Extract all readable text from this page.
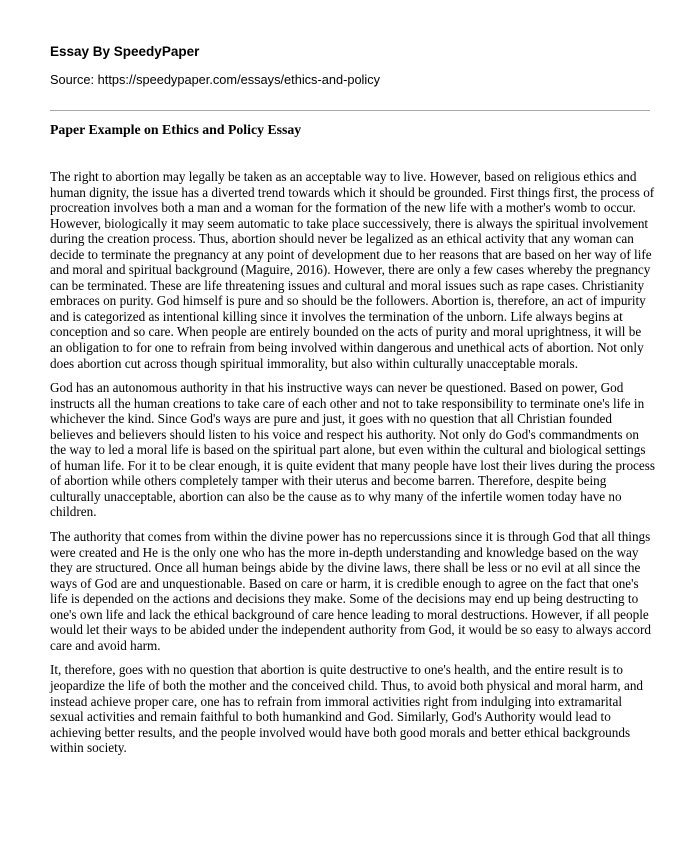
Essay By SpeedyPaper
Source: https://speedypaper.com/essays/ethics-and-policy
Paper Example on Ethics and Policy Essay

The right to abortion may legally be taken as an acceptable way to live. However, based on religious ethics and human dignity, the issue has a diverted trend towards which it should be grounded. First things first, the process of procreation involves both a man and a woman for the formation of the new life with a mother's womb to occur. However, biologically it may seem automatic to take place successively, there is always the spiritual involvement during the creation process. Thus, abortion should never be legalized as an ethical activity that any woman can decide to terminate the pregnancy at any point of development due to her reasons that are based on her way of life and moral and spiritual background (Maguire, 2016). However, there are only a few cases whereby the pregnancy can be terminated. These are life threatening issues and cultural and moral issues such as rape cases. Christianity embraces on purity. God himself is pure and so should be the followers. Abortion is, therefore, an act of impurity and is categorized as intentional killing since it involves the termination of the unborn. Life always begins at conception and so care. When people are entirely bounded on the acts of purity and moral uprightness, it will be an obligation to for one to refrain from being involved within dangerous and unethical acts of abortion. Not only does abortion cut across though spiritual immorality, but also within culturally unacceptable morals.

God has an autonomous authority in that his instructive ways can never be questioned. Based on power, God instructs all the human creations to take care of each other and not to take responsibility to terminate one's life in whichever the kind. Since God's ways are pure and just, it goes with no question that all Christian founded believes and believers should listen to his voice and respect his authority. Not only do God's commandments on the way to led a moral life is based on the spiritual part alone, but even within the cultural and biological settings of human life. For it to be clear enough, it is quite evident that many people have lost their lives during the process of abortion while others completely tamper with their uterus and become barren. Therefore, despite being culturally unacceptable, abortion can also be the cause as to why many of the infertile women today have no children.

The authority that comes from within the divine power has no repercussions since it is through God that all things were created and He is the only one who has the more in-depth understanding and knowledge based on the way they are structured. Once all human beings abide by the divine laws, there shall be less or no evil at all since the ways of God are and unquestionable. Based on care or harm, it is credible enough to agree on the fact that one's life is depended on the actions and decisions they make. Some of the decisions may end up being destructing to one's own life and lack the ethical background of care hence leading to moral destructions. However, if all people would let their ways to be abided under the independent authority from God, it would be so easy to always accord care and avoid harm.

It, therefore, goes with no question that abortion is quite destructive to one's health, and the entire result is to jeopardize the life of both the mother and the conceived child. Thus, to avoid both physical and moral harm, and instead achieve proper care, one has to refrain from immoral activities right from indulging into extramarital sexual activities and remain faithful to both humankind and God. Similarly, God's Authority would lead to achieving better results, and the people involved would have both good morals and better ethical backgrounds within society.
